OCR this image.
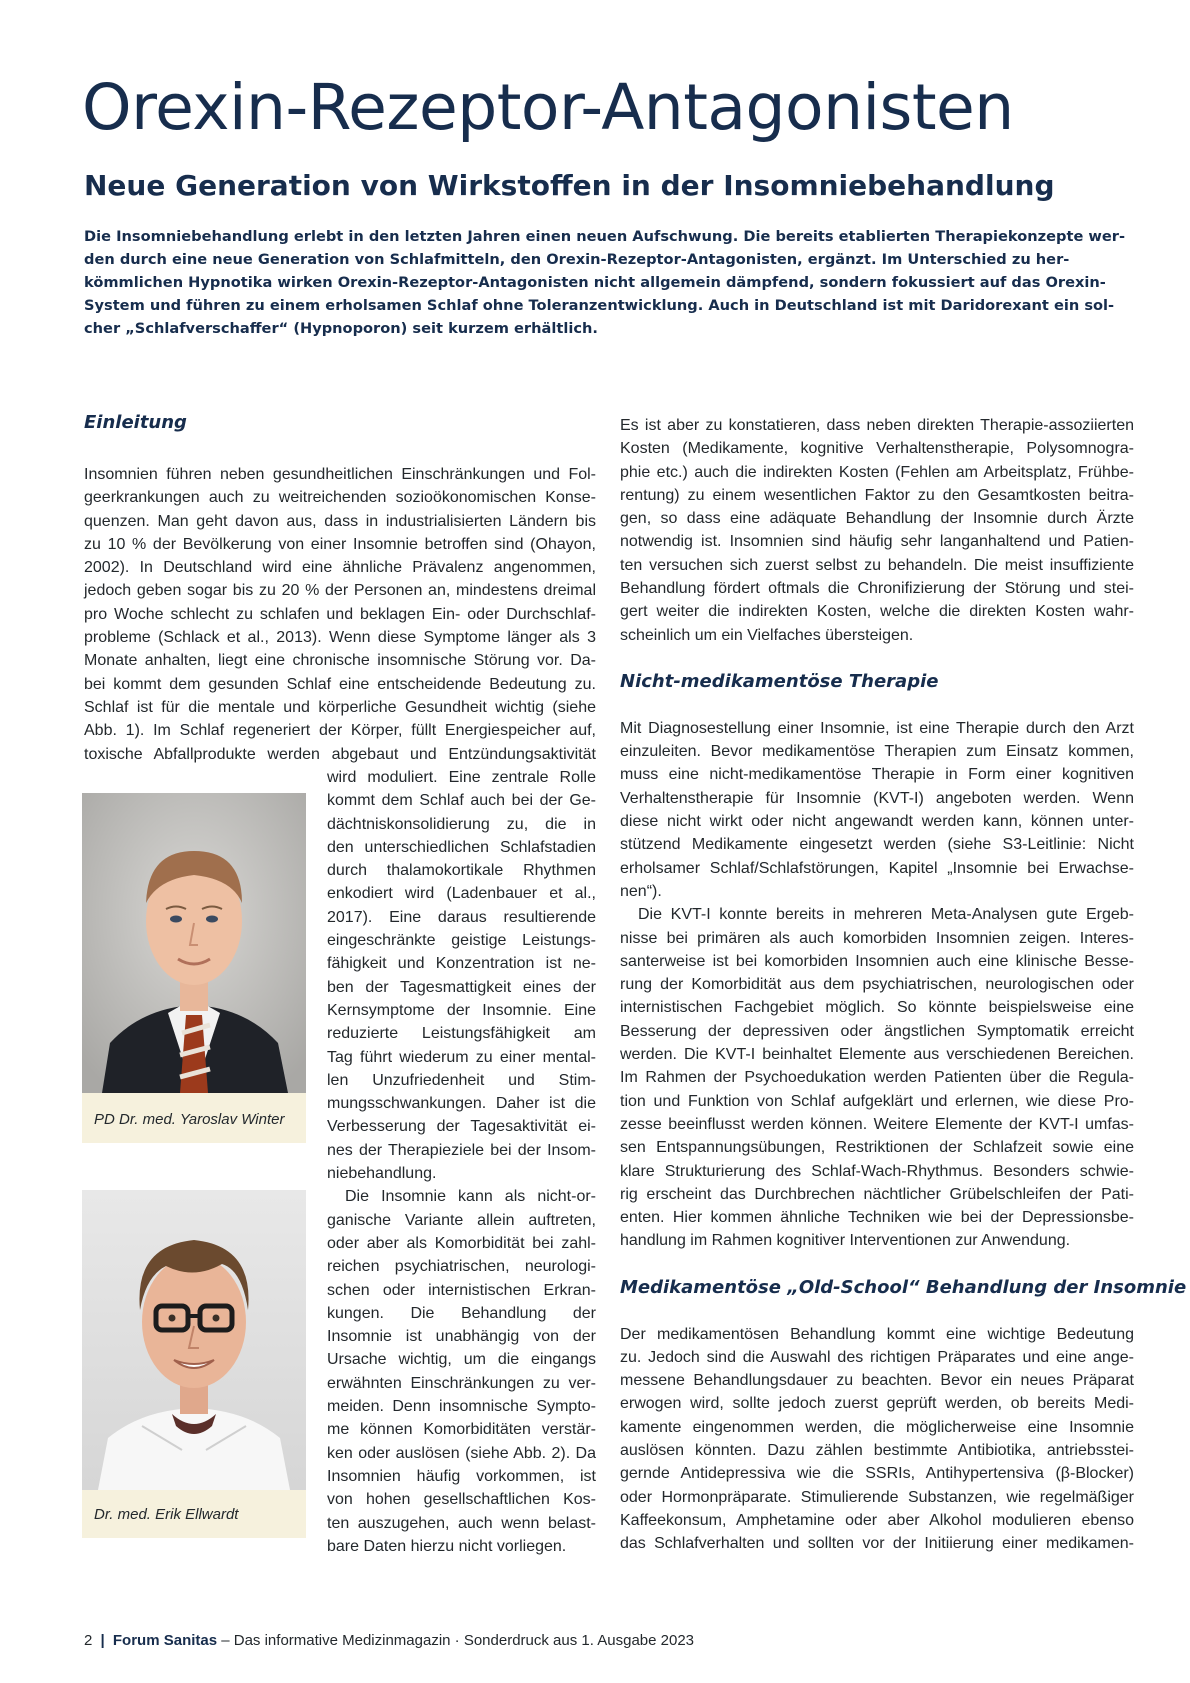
Orexin-Rezeptor-Antagonisten
Neue Generation von Wirkstoffen in der Insomniebehandlung
Die Insomniebehandlung erlebt in den letzten Jahren einen neuen Aufschwung. Die bereits etablierten Therapiekonzepte wer-
den durch eine neue Generation von Schlafmitteln, den Orexin-Rezeptor-Antagonisten, ergänzt. Im Unterschied zu her-
kömmlichen Hypnotika wirken Orexin-Rezeptor-Antagonisten nicht allgemein dämpfend, sondern fokussiert auf das Orexin-
System und führen zu einem erholsamen Schlaf ohne Toleranzentwicklung. Auch in Deutschland ist mit Daridorexant ein sol-
cher „Schlafverschaffer“ (Hypnoporon) seit kurzem erhältlich.
Einleitung
Insomnien führen neben gesundheitlichen Einschränkungen und Fol-
geerkrankungen auch zu weitreichenden sozioökonomischen Konse-
quenzen. Man geht davon aus, dass in industrialisierten Ländern bis
zu 10 % der Bevölkerung von einer Insomnie betroffen sind (Ohayon,
2002). In Deutschland wird eine ähnliche Prävalenz angenommen,
jedoch geben sogar bis zu 20 % der Personen an, mindestens dreimal
pro Woche schlecht zu schlafen und beklagen Ein- oder Durchschlaf-
probleme (Schlack et al., 2013). Wenn diese Symptome länger als 3
Monate anhalten, liegt eine chronische insomnische Störung vor. Da-
bei kommt dem gesunden Schlaf eine entscheidende Bedeutung zu.
Schlaf ist für die mentale und körperliche Gesundheit wichtig (siehe
Abb. 1). Im Schlaf regeneriert der Körper, füllt Energiespeicher auf,
toxische Abfallprodukte werden abgebaut und Entzündungsaktivität
PD Dr. med. Yaroslav Winter
Dr. med. Erik Ellwardt
wird moduliert. Eine zentrale Rolle
kommt dem Schlaf auch bei der Ge-
dächtniskonsolidierung zu, die in
den unterschiedlichen Schlafstadien
durch thalamokortikale Rhythmen
enkodiert wird (Ladenbauer et al.,
2017). Eine daraus resultierende
eingeschränkte geistige Leistungs-
fähigkeit und Konzentration ist ne-
ben der Tagesmattigkeit eines der
Kernsymptome der Insomnie. Eine
reduzierte Leistungsfähigkeit am
Tag führt wiederum zu einer mental-
len Unzufriedenheit und Stim-
mungsschwankungen. Daher ist die
Verbesserung der Tagesaktivität ei-
nes der Therapieziele bei der Insom-
niebehandlung.
Die Insomnie kann als nicht-or-
ganische Variante allein auftreten,
oder aber als Komorbidität bei zahl-
reichen psychiatrischen, neurologi-
schen oder internistischen Erkran-
kungen. Die Behandlung der
Insomnie ist unabhängig von der
Ursache wichtig, um die eingangs
erwähnten Einschränkungen zu ver-
meiden. Denn insomnische Sympto-
me können Komorbiditäten verstär-
ken oder auslösen (siehe Abb. 2). Da
Insomnien häufig vorkommen, ist
von hohen gesellschaftlichen Kos-
ten auszugehen, auch wenn belast-
bare Daten hierzu nicht vorliegen.
Es ist aber zu konstatieren, dass neben direkten Therapie-assoziierten
Kosten (Medikamente, kognitive Verhaltenstherapie, Polysomnogra-
phie etc.) auch die indirekten Kosten (Fehlen am Arbeitsplatz, Frühbe-
rentung) zu einem wesentlichen Faktor zu den Gesamtkosten beitra-
gen, so dass eine adäquate Behandlung der Insomnie durch Ärzte
notwendig ist. Insomnien sind häufig sehr langanhaltend und Patien-
ten versuchen sich zuerst selbst zu behandeln. Die meist insuffiziente
Behandlung fördert oftmals die Chronifizierung der Störung und stei-
gert weiter die indirekten Kosten, welche die direkten Kosten wahr-
scheinlich um ein Vielfaches übersteigen.
Nicht-medikamentöse Therapie
Mit Diagnosestellung einer Insomnie, ist eine Therapie durch den Arzt
einzuleiten. Bevor medikamentöse Therapien zum Einsatz kommen,
muss eine nicht-medikamentöse Therapie in Form einer kognitiven
Verhaltenstherapie für Insomnie (KVT-I) angeboten werden. Wenn
diese nicht wirkt oder nicht angewandt werden kann, können unter-
stützend Medikamente eingesetzt werden (siehe S3-Leitlinie: Nicht
erholsamer Schlaf/Schlafstörungen, Kapitel „Insomnie bei Erwachse-
nen“).
Die KVT-I konnte bereits in mehreren Meta-Analysen gute Ergeb-
nisse bei primären als auch komorbiden Insomnien zeigen. Interes-
santerweise ist bei komorbiden Insomnien auch eine klinische Besse-
rung der Komorbidität aus dem psychiatrischen, neurologischen oder
internistischen Fachgebiet möglich. So könnte beispielsweise eine
Besserung der depressiven oder ängstlichen Symptomatik erreicht
werden. Die KVT-I beinhaltet Elemente aus verschiedenen Bereichen.
Im Rahmen der Psychoedukation werden Patienten über die Regula-
tion und Funktion von Schlaf aufgeklärt und erlernen, wie diese Pro-
zesse beeinflusst werden können. Weitere Elemente der KVT-I umfas-
sen Entspannungsübungen, Restriktionen der Schlafzeit sowie eine
klare Strukturierung des Schlaf-Wach-Rhythmus. Besonders schwie-
rig erscheint das Durchbrechen nächtlicher Grübelschleifen der Pati-
enten. Hier kommen ähnliche Techniken wie bei der Depressionsbe-
handlung im Rahmen kognitiver Interventionen zur Anwendung.
Medikamentöse „Old-School“ Behandlung der Insomnie
Der medikamentösen Behandlung kommt eine wichtige Bedeutung
zu. Jedoch sind die Auswahl des richtigen Präparates und eine ange-
messene Behandlungsdauer zu beachten. Bevor ein neues Präparat
erwogen wird, sollte jedoch zuerst geprüft werden, ob bereits Medi-
kamente eingenommen werden, die möglicherweise eine Insomnie
auslösen könnten. Dazu zählen bestimmte Antibiotika, antriebsstei-
gernde Antidepressiva wie die SSRIs, Antihypertensiva (β-Blocker)
oder Hormonpräparate. Stimulierende Substanzen, wie regelmäßiger
Kaffeekonsum, Amphetamine oder aber Alkohol modulieren ebenso
das Schlafverhalten und sollten vor der Initiierung einer medikamen-
2 | Forum Sanitas – Das informative Medizinmagazin · Sonderdruck aus 1. Ausgabe 2023
